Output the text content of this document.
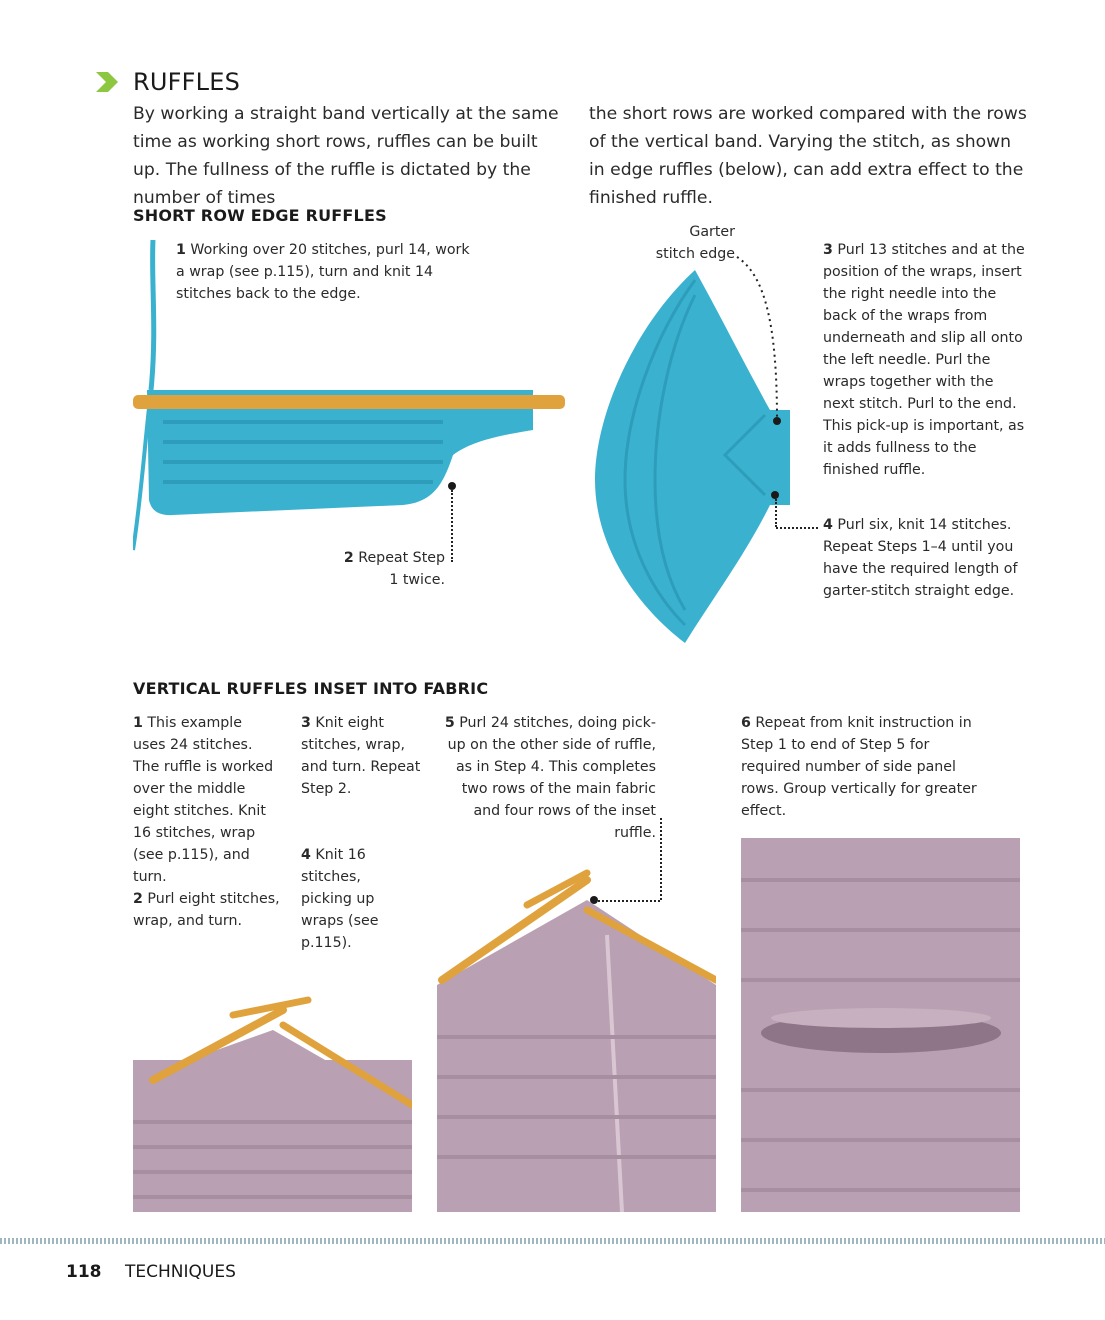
RUFFLES
By working a straight band vertically at the same time as working short rows, ruffles can be built up. The fullness of the ruffle is dictated by the number of times
the short rows are worked compared with the rows of the vertical band. Varying the stitch, as shown in edge ruffles (below), can add extra effect to the finished ruffle.
SHORT ROW EDGE RUFFLES
1 Working over 20 stitches, purl 14, work a wrap (see p.115), turn and knit 14 stitches back to the edge.
2 Repeat Step 1 twice.
Garter
stitch edge	3 Purl 13 stitches and at the position of the wraps, insert the right needle into the back of the wraps from underneath and slip all onto the left needle. Purl the wraps together with the next stitch. Purl to the end. This pick-up is important, as it adds fullness to the finished ruffle.
4 Purl six, knit 14 stitches. Repeat Steps 1–4 until you have the required length of garter-stitch straight edge.
VERTICAL RUFFLES INSET INTO FABRIC
1 This example uses 24 stitches. The ruffle is worked over the middle eight stitches. Knit 16 stitches, wrap (see p.115), and turn.
2 Purl eight stitches, wrap, and turn.
3 Knit eight stitches, wrap, and turn. Repeat Step 2.
4 Knit 16 stitches, picking up wraps (see p.115).
5 Purl 24 stitches, doing pick-up on the other side of ruffle, as in Step 4. This completes two rows of the main fabric and four rows of the inset ruffle.
6 Repeat from knit instruction in Step 1 to end of Step 5 for required number of side panel rows. Group vertically for greater effect.
118 TECHNIQUES
